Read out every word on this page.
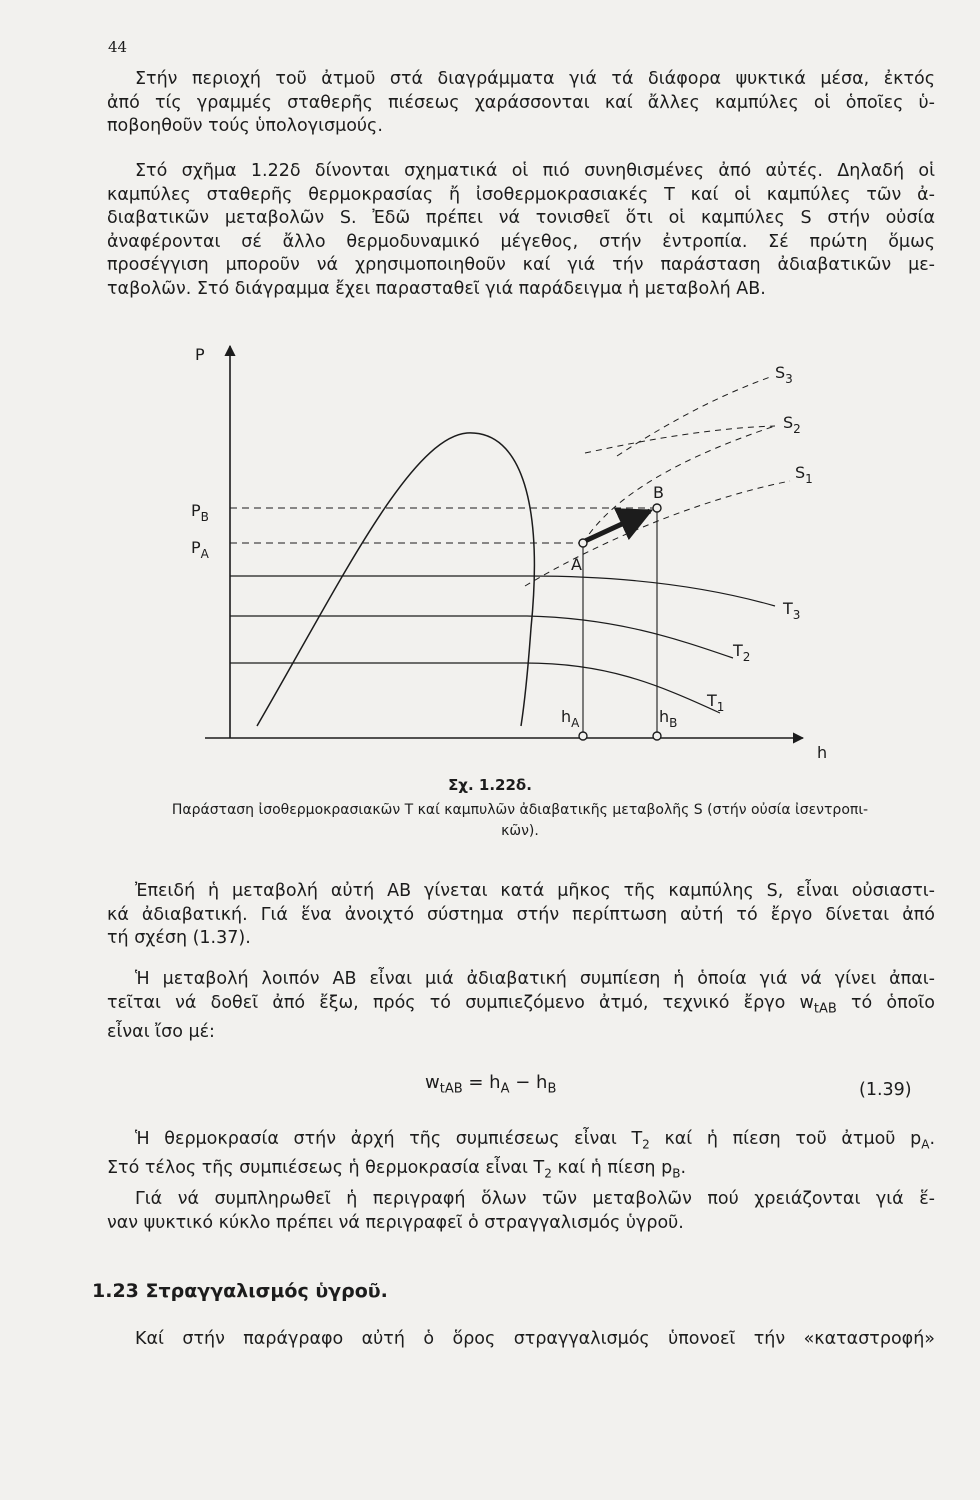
44

Στήν περιοχή τοῦ ἀτμοῦ στά διαγράμματα γιά τά διάφορα ψυκτικά μέσα, ἐκτός
ἀπό τίς γραμμές σταθερῆς πιέσεως χαράσσονται καί ἄλλες καμπύλες οἱ ὁποῖες ὑ-
ποβοηθοῦν τούς ὑπολογισμούς.

Στό σχῆμα 1.22δ δίνονται σχηματικά οἱ πιό συνηθισμένες ἀπό αὐτές. Δηλαδή οἱ
καμπύλες σταθερῆς θερμοκρασίας ἤ ἰσοθερμοκρασιακές T καί οἱ καμπύλες τῶν ἀ-
διαβατικῶν μεταβολῶν S. Ἐδῶ πρέπει νά τονισθεῖ ὅτι οἱ καμπύλες S στήν οὐσία
ἀναφέρονται σέ ἄλλο θερμοδυναμικό μέγεθος, στήν ἐντροπία. Σέ πρώτη ὅμως
προσέγγιση μποροῦν νά χρησιμοποιηθοῦν καί γιά τήν παράσταση ἀδιαβατικῶν με-
ταβολῶν. Στό διάγραμμα ἔχει παρασταθεῖ γιά παράδειγμα ἡ μεταβολή AB.

P
h
$P_B$
$P_A$
A
B
$h_A$	$h_B$
$S_1$
$S_2$
$S_3$
$T_1$
$T_2$
$T_3$
Σχ. 1.22δ.
Παράσταση ἰσοθερμοκρασιακῶν T καί καμπυλῶν ἀδιαβατικῆς μεταβολῆς S (στήν οὐσία ἰσεντροπι-
κῶν).

Ἐπειδή ἡ μεταβολή αὐτή AB γίνεται κατά μῆκος τῆς καμπύλης S, εἶναι οὐσιαστι-
κά ἀδιαβατική. Γιά ἕνα ἀνοιχτό σύστημα στήν περίπτωση αὐτή τό ἔργο δίνεται ἀπό
τή σχέση (1.37).

Ἡ μεταβολή λοιπόν AB εἶναι μιά ἀδιαβατική συμπίεση ἡ ὁποία γιά νά γίνει ἀπαι-
τεῖται νά δοθεῖ ἀπό ἔξω, πρός τό συμπιεζόμενο ἀτμό, τεχνικό ἔργο $w_{tAB}$ τό ὁποῖο
εἶναι ἴσο μέ:

$w_{tAB} = h_A - h_B$	(1.39)

Ἡ θερμοκρασία στήν ἀρχή τῆς συμπιέσεως εἶναι $T_2$ καί ἡ πίεση τοῦ ἀτμοῦ $p_A$.
Στό τέλος τῆς συμπιέσεως ἡ θερμοκρασία εἶναι $T_2$ καί ἡ πίεση $p_B$.

Γιά νά συμπληρωθεῖ ἡ περιγραφή ὅλων τῶν μεταβολῶν πού χρειάζονται γιά ἕ-
ναν ψυκτικό κύκλο πρέπει νά περιγραφεῖ ὁ στραγγαλισμός ὑγροῦ.

1.23 Στραγγαλισμός ὑγροῦ.

Καί στήν παράγραφο αὐτή ὁ ὅρος στραγγαλισμός ὑπονοεῖ τήν «καταστροφή»
